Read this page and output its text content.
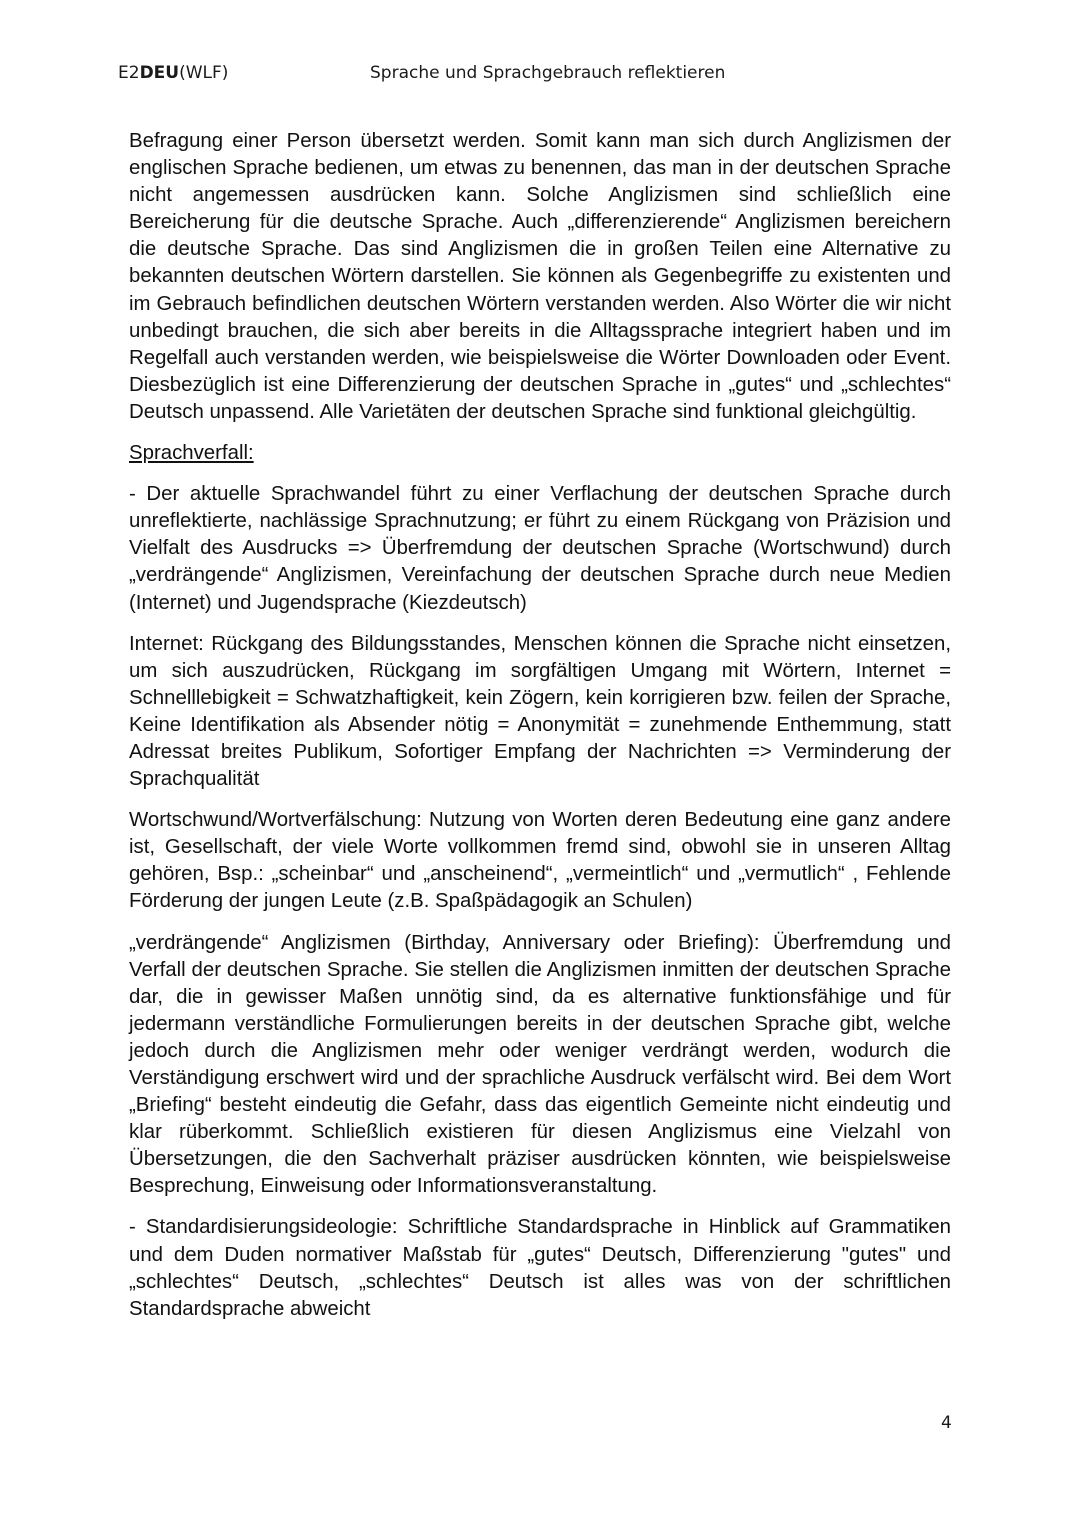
E2DEU(WLF)	Sprache und Sprachgebrauch reflektieren

Befragung einer Person übersetzt werden. Somit kann man sich durch Anglizismen der englischen Sprache bedienen, um etwas zu benennen, das man in der deutschen Sprache nicht angemessen ausdrücken kann. Solche Anglizismen sind schließlich eine Bereicherung für die deutsche Sprache. Auch „differenzierende“ Anglizismen bereichern die deutsche Sprache. Das sind Anglizismen die in großen Teilen eine Alternative zu bekannten deutschen Wörtern darstellen. Sie können als Gegenbegriffe zu existenten und im Gebrauch befindlichen deutschen Wörtern verstanden werden. Also Wörter die wir nicht unbedingt brauchen, die sich aber bereits in die Alltagssprache integriert haben und im Regelfall auch verstanden werden, wie beispielsweise die Wörter Downloaden oder Event. Diesbezüglich ist eine Differenzierung der deutschen Sprache in „gutes“ und „schlechtes“ Deutsch unpassend. Alle Varietäten der deutschen Sprache sind funktional gleichgültig.

Sprachverfall:

- Der aktuelle Sprachwandel führt zu einer Verflachung der deutschen Sprache durch unreflektierte, nachlässige Sprachnutzung; er führt zu einem Rückgang von Präzision und Vielfalt des Ausdrucks => Überfremdung der deutschen Sprache (Wortschwund) durch „verdrängende“ Anglizismen, Vereinfachung der deutschen Sprache durch neue Medien (Internet) und Jugendsprache (Kiezdeutsch)

Internet: Rückgang des Bildungsstandes, Menschen können die Sprache nicht einsetzen, um sich auszudrücken, Rückgang im sorgfältigen Umgang mit Wörtern, Internet = Schnelllebigkeit = Schwatzhaftigkeit, kein Zögern, kein korrigieren bzw. feilen der Sprache, Keine Identifikation als Absender nötig = Anonymität = zunehmende Enthemmung, statt Adressat breites Publikum, Sofortiger Empfang der Nachrichten => Verminderung der Sprachqualität

Wortschwund/Wortverfälschung: Nutzung von Worten deren Bedeutung eine ganz andere ist, Gesellschaft, der viele Worte vollkommen fremd sind, obwohl sie in unseren Alltag gehören, Bsp.: „scheinbar“ und „anscheinend“, „vermeintlich“ und „vermutlich“ , Fehlende Förderung der jungen Leute (z.B. Spaßpädagogik an Schulen)

„verdrängende“ Anglizismen (Birthday, Anniversary oder Briefing): Überfremdung und Verfall der deutschen Sprache. Sie stellen die Anglizismen inmitten der deutschen Sprache dar, die in gewisser Maßen unnötig sind, da es alternative funktionsfähige und für jedermann verständliche Formulierungen bereits in der deutschen Sprache gibt, welche jedoch durch die Anglizismen mehr oder weniger verdrängt werden, wodurch die Verständigung erschwert wird und der sprachliche Ausdruck verfälscht wird. Bei dem Wort „Briefing“ besteht eindeutig die Gefahr, dass das eigentlich Gemeinte nicht eindeutig und klar rüberkommt. Schließlich existieren für diesen Anglizismus eine Vielzahl von Übersetzungen, die den Sachverhalt präziser ausdrücken könnten, wie beispielsweise Besprechung, Einweisung oder Informationsveranstaltung.

- Standardisierungsideologie: Schriftliche Standardsprache in Hinblick auf Grammatiken und dem Duden normativer Maßstab für „gutes“ Deutsch, Differenzierung "gutes" und „schlechtes“ Deutsch, „schlechtes“ Deutsch ist alles was von der schriftlichen Standardsprache abweicht

4
